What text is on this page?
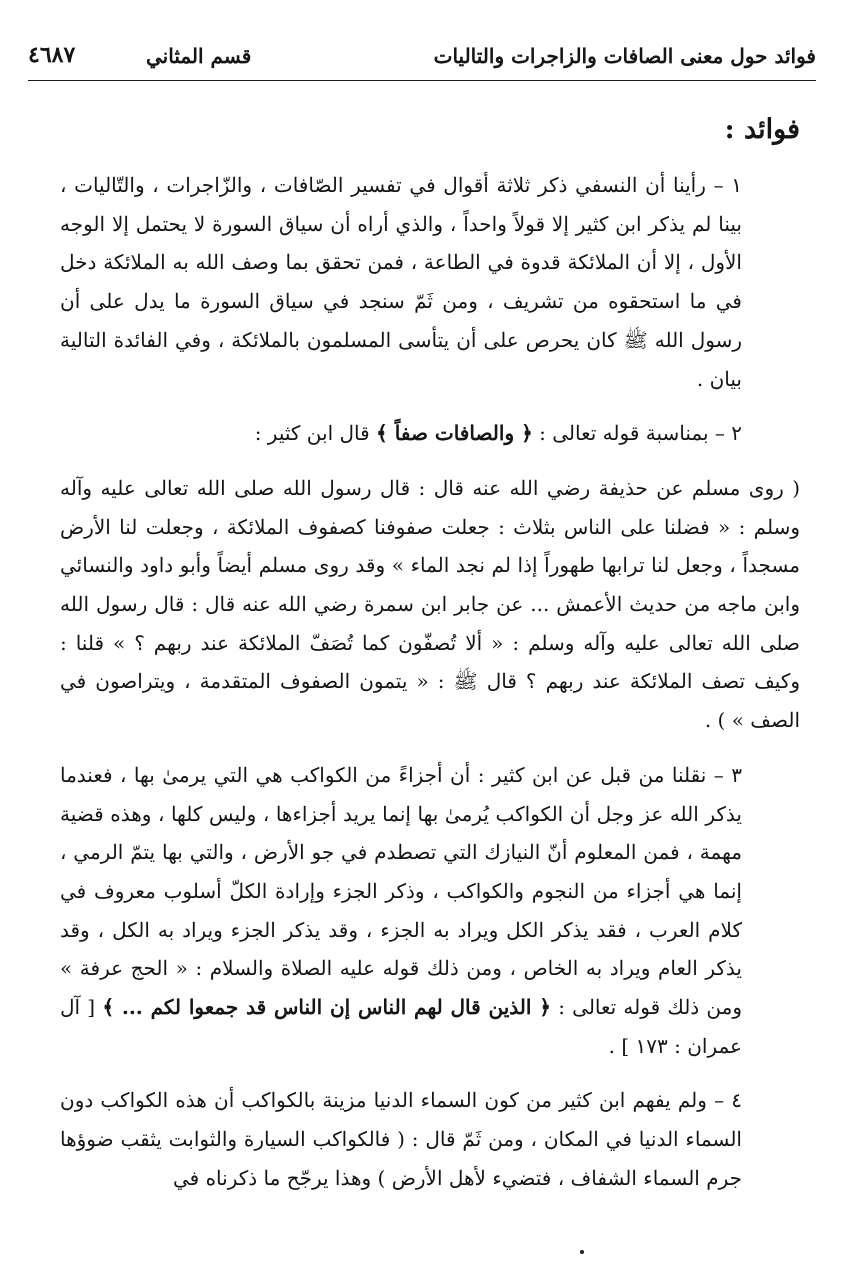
فوائد حول معنى الصافات والزاجرات والتاليات
قسم المثاني
٤٦٨٧

فوائد :

١ – رأينا أن النسفي ذكر ثلاثة أقوال في تفسير الصّافات ، والزّاجرات ، والتّاليات ، بينا لم يذكر ابن كثير إلا قولاً واحداً ، والذي أراه أن سياق السورة لا يحتمل إلا الوجه الأول ، إلا أن الملائكة قدوة في الطاعة ، فمن تحقق بما وصف الله به الملائكة دخل في ما استحقوه من تشريف ، ومن ثَمّ سنجد في سياق السورة ما يدل على أن رسول الله ﷺ كان يحرص على أن يتأسى المسلمون بالملائكة ، وفي الفائدة التالية بيان .

٢ – بمناسبة قوله تعالى : ﴿ والصافات صفاً ﴾ قال ابن كثير :

( روى مسلم عن حذيفة رضي الله عنه قال : قال رسول الله صلى الله تعالى عليه وآله وسلم : « فضلنا على الناس بثلاث : جعلت صفوفنا كصفوف الملائكة ، وجعلت لنا الأرض مسجداً ، وجعل لنا ترابها طهوراً إذا لم نجد الماء » وقد روى مسلم أيضاً وأبو داود والنسائي وابن ماجه من حديث الأعمش ... عن جابر ابن سمرة رضي الله عنه قال : قال رسول الله صلى الله تعالى عليه وآله وسلم : « ألا تُصفّون كما تُصَفّ الملائكة عند ربهم ؟ » قلنا : وكيف تصف الملائكة عند ربهم ؟ قال ﷺ : « يتمون الصفوف المتقدمة ، ويتراصون في الصف » ) .

٣ – نقلنا من قبل عن ابن كثير : أن أجزاءً من الكواكب هي التي يرمىٰ بها ، فعندما يذكر الله عز وجل أن الكواكب يُرمىٰ بها إنما يريد أجزاءها ، وليس كلها ، وهذه قضية مهمة ، فمن المعلوم أنّ النيازك التي تصطدم في جو الأرض ، والتي بها يتمّ الرمي ، إنما هي أجزاء من النجوم والكواكب ، وذكر الجزء وإرادة الكلّ أسلوب معروف في كلام العرب ، فقد يذكر الكل ويراد به الجزء ، وقد يذكر الجزء ويراد به الكل ، وقد يذكر العام ويراد به الخاص ، ومن ذلك قوله عليه الصلاة والسلام : « الحج عرفة » ومن ذلك قوله تعالى : ﴿ الذين قال لهم الناس إن الناس قد جمعوا لكم ... ﴾ [ آل عمران : ١٧٣ ] .

٤ – ولم يفهم ابن كثير من كون السماء الدنيا مزينة بالكواكب أن هذه الكواكب دون السماء الدنيا في المكان ، ومن ثَمّ قال : ( فالكواكب السيارة والثوابت يثقب ضوؤها جرم السماء الشفاف ، فتضيء لأهل الأرض ) وهذا يرجّح ما ذكرناه في
